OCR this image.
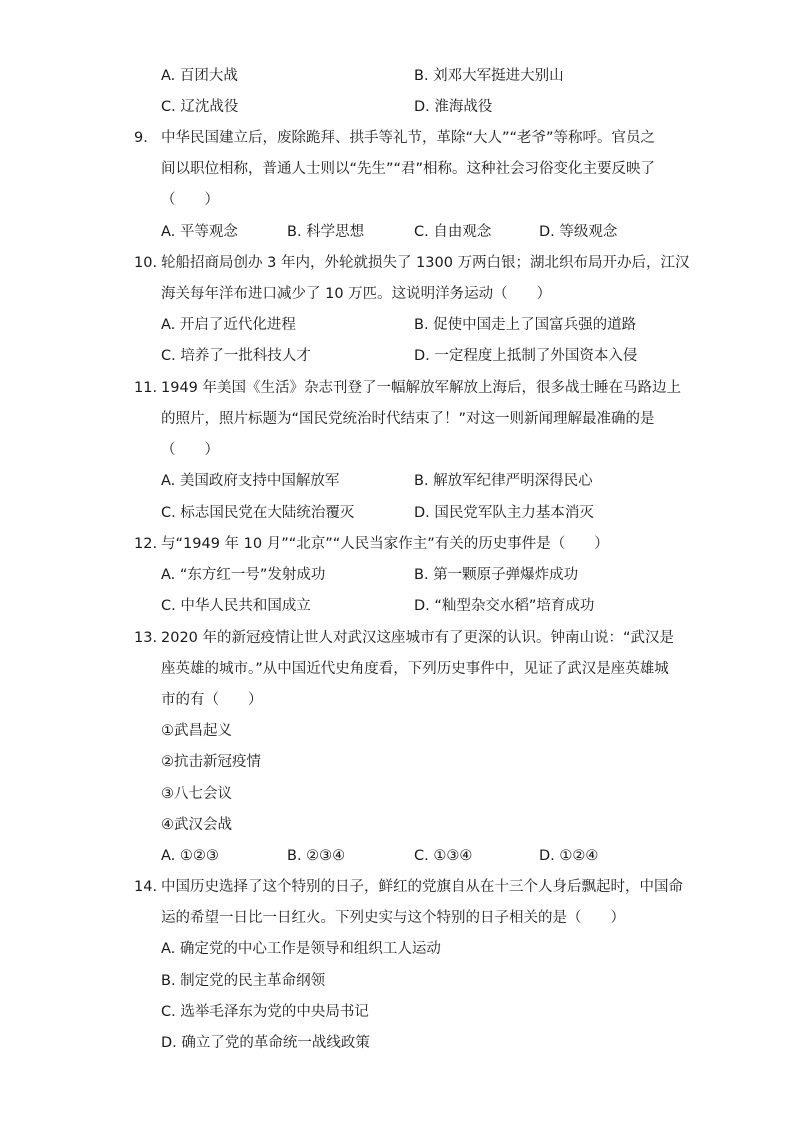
A. 百团大战	B. 刘邓大军挺进大别山
C. 辽沈战役	D. 淮海战役
9. 中华民国建立后，废除跪拜、拱手等礼节，革除“大人”“老爷”等称呼。官员之
间以职位相称，普通人士则以“先生”“君”相称。这种社会习俗变化主要反映了
（　　）
A. 平等观念	B. 科学思想	C. 自由观念	D. 等级观念
10. 轮船招商局创办 3 年内，外轮就损失了 1300 万两白银；湖北织布局开办后，江汉
海关每年洋布进口减少了 10 万匹。这说明洋务运动（　　）
A. 开启了近代化进程	B. 促使中国走上了国富兵强的道路
C. 培养了一批科技人才	D. 一定程度上抵制了外国资本入侵
11. 1949 年美国《生活》杂志刊登了一幅解放军解放上海后，很多战士睡在马路边上
的照片，照片标题为“国民党统治时代结束了！”对这一则新闻理解最准确的是
（　　）
A. 美国政府支持中国解放军	B. 解放军纪律严明深得民心
C. 标志国民党在大陆统治覆灭	D. 国民党军队主力基本消灭
12. 与“1949 年 10 月”“北京”“人民当家作主”有关的历史事件是（　　）
A. “东方红一号”发射成功	B. 第一颗原子弹爆炸成功
C. 中华人民共和国成立	D. “籼型杂交水稻”培育成功
13. 2020 年的新冠疫情让世人对武汉这座城市有了更深的认识。钟南山说：“武汉是
座英雄的城市。”从中国近代史角度看，下列历史事件中，见证了武汉是座英雄城
市的有（　　）
①武昌起义
②抗击新冠疫情
③八七会议
④武汉会战
A. ①②③	B. ②③④	C. ①③④	D. ①②④
14. 中国历史选择了这个特别的日子，鲜红的党旗自从在十三个人身后飘起时，中国命
运的希望一日比一日红火。下列史实与这个特别的日子相关的是（　　）
A. 确定党的中心工作是领导和组织工人运动
B. 制定党的民主革命纲领
C. 选举毛泽东为党的中央局书记
D. 确立了党的革命统一战线政策
